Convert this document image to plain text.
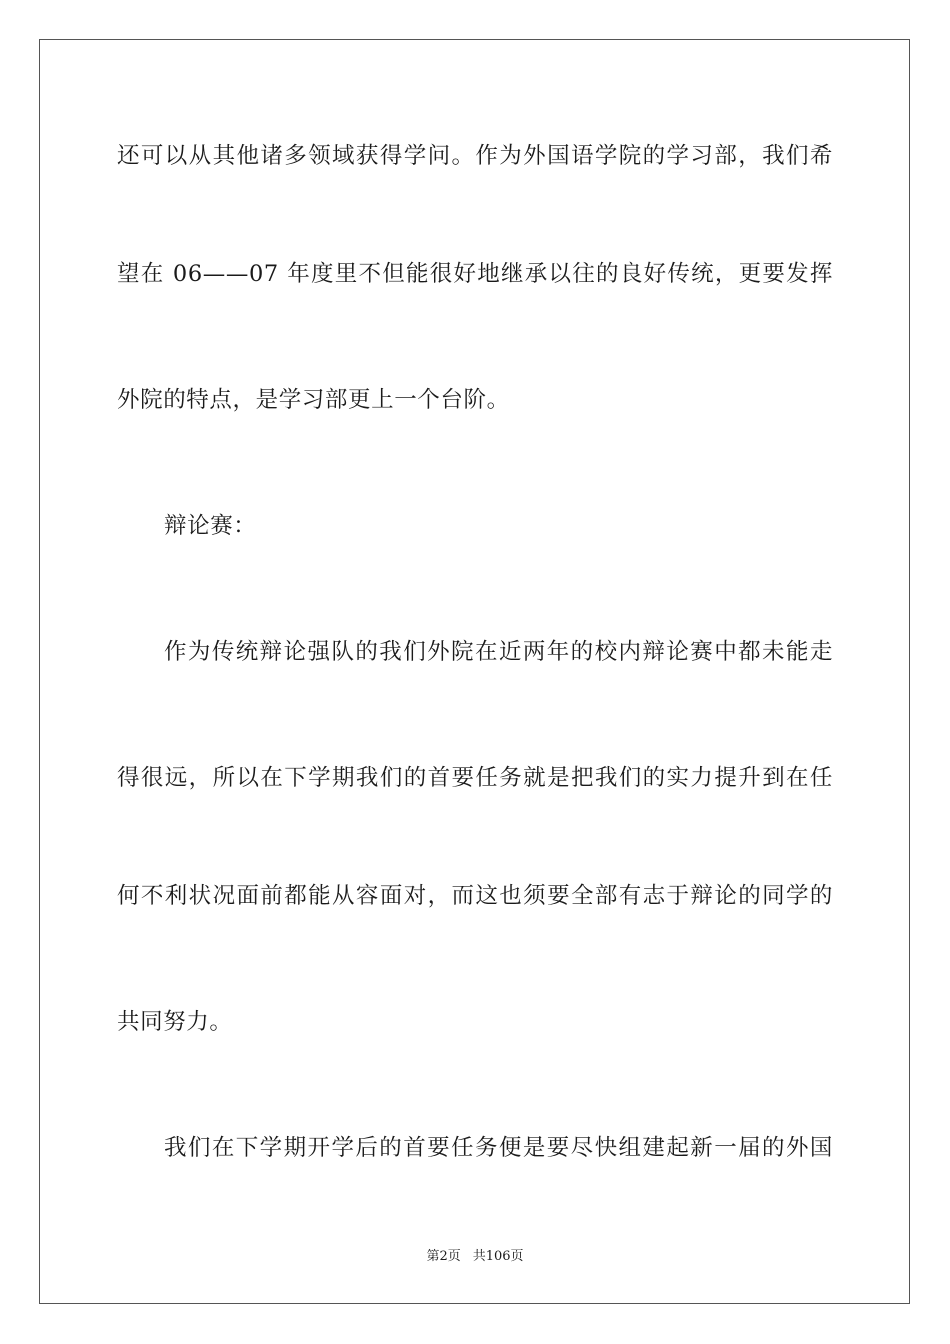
还可以从其他诸多领域获得学问。作为外国语学院的学习部，我们希
望在 06——07 年度里不但能很好地继承以往的良好传统，更要发挥
外院的特点，是学习部更上一个台阶。
辩论赛：
作为传统辩论强队的我们外院在近两年的校内辩论赛中都未能走
得很远，所以在下学期我们的首要任务就是把我们的实力提升到在任
何不利状况面前都能从容面对，而这也须要全部有志于辩论的同学的
共同努力。
我们在下学期开学后的首要任务便是要尽快组建起新一届的外国
第2页 共106页
